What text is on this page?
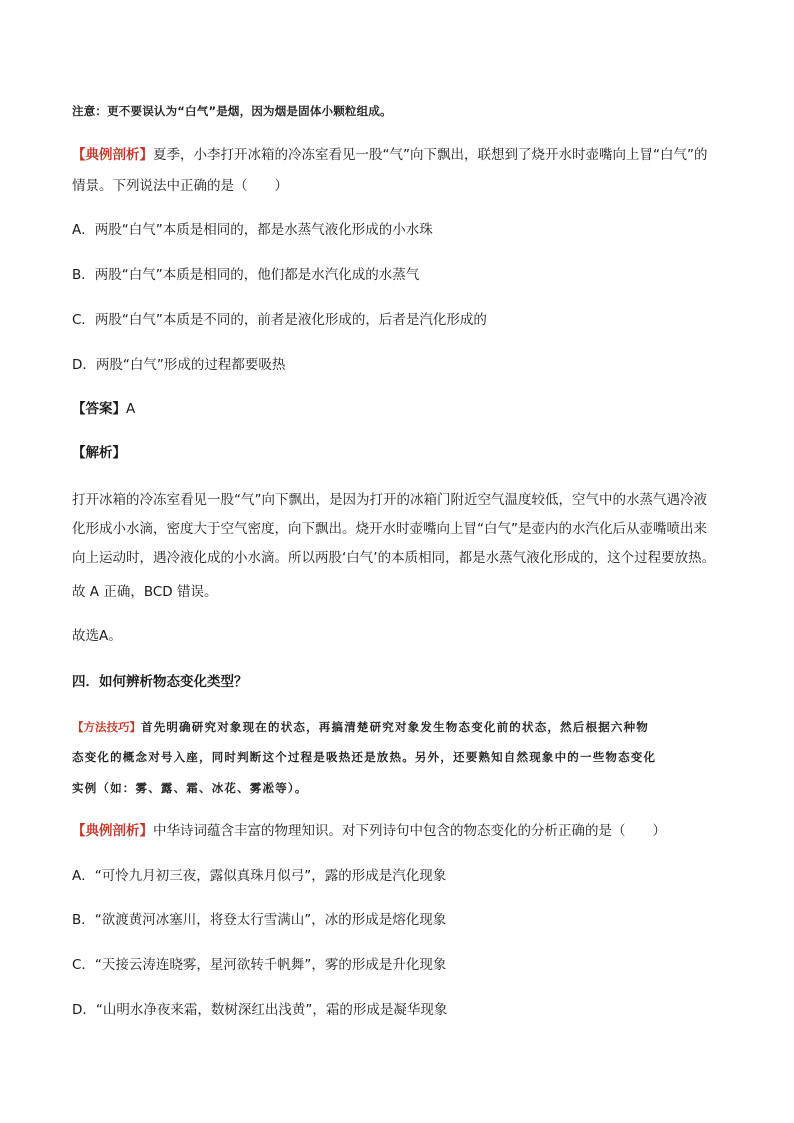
注意：更不要误认为“白气”是烟，因为烟是固体小颗粒组成。
【典例剖析】夏季，小李打开冰箱的冷冻室看见一股“气”向下飘出，联想到了烧开水时壶嘴向上冒“白气”的
情景。下列说法中正确的是（　　）
A．两股“白气”本质是相同的，都是水蒸气液化形成的小水珠
B．两股“白气”本质是相同的，他们都是水汽化成的水蒸气
C．两股“白气”本质是不同的，前者是液化形成的，后者是汽化形成的
D．两股“白气”形成的过程都要吸热
【答案】A
【解析】
打开冰箱的冷冻室看见一股“气”向下飘出，是因为打开的冰箱门附近空气温度较低，空气中的水蒸气遇冷液
化形成小水滴，密度大于空气密度，向下飘出。烧开水时壶嘴向上冒“白气”是壶内的水汽化后从壶嘴喷出来
向上运动时，遇冷液化成的小水滴。所以两股‘白气’的本质相同，都是水蒸气液化形成的，这个过程要放热。
故 A 正确，BCD 错误。
故选A。
四．如何辨析物态变化类型？
【方法技巧】首先明确研究对象现在的状态，再搞清楚研究对象发生物态变化前的状态，然后根据六种物
态变化的概念对号入座，同时判断这个过程是吸热还是放热。另外，还要熟知自然现象中的一些物态变化
实例（如：雾、露、霜、冰花、雾凇等）。
【典例剖析】中华诗词蕴含丰富的物理知识。对下列诗句中包含的物态变化的分析正确的是（　　）
A．“可怜九月初三夜，露似真珠月似弓”，露的形成是汽化现象
B．“欲渡黄河冰塞川，将登太行雪满山”，冰的形成是熔化现象
C．“天接云涛连晓雾，星河欲转千帆舞”，雾的形成是升化现象
D．“山明水净夜来霜，数树深红出浅黄”，霜的形成是凝华现象
